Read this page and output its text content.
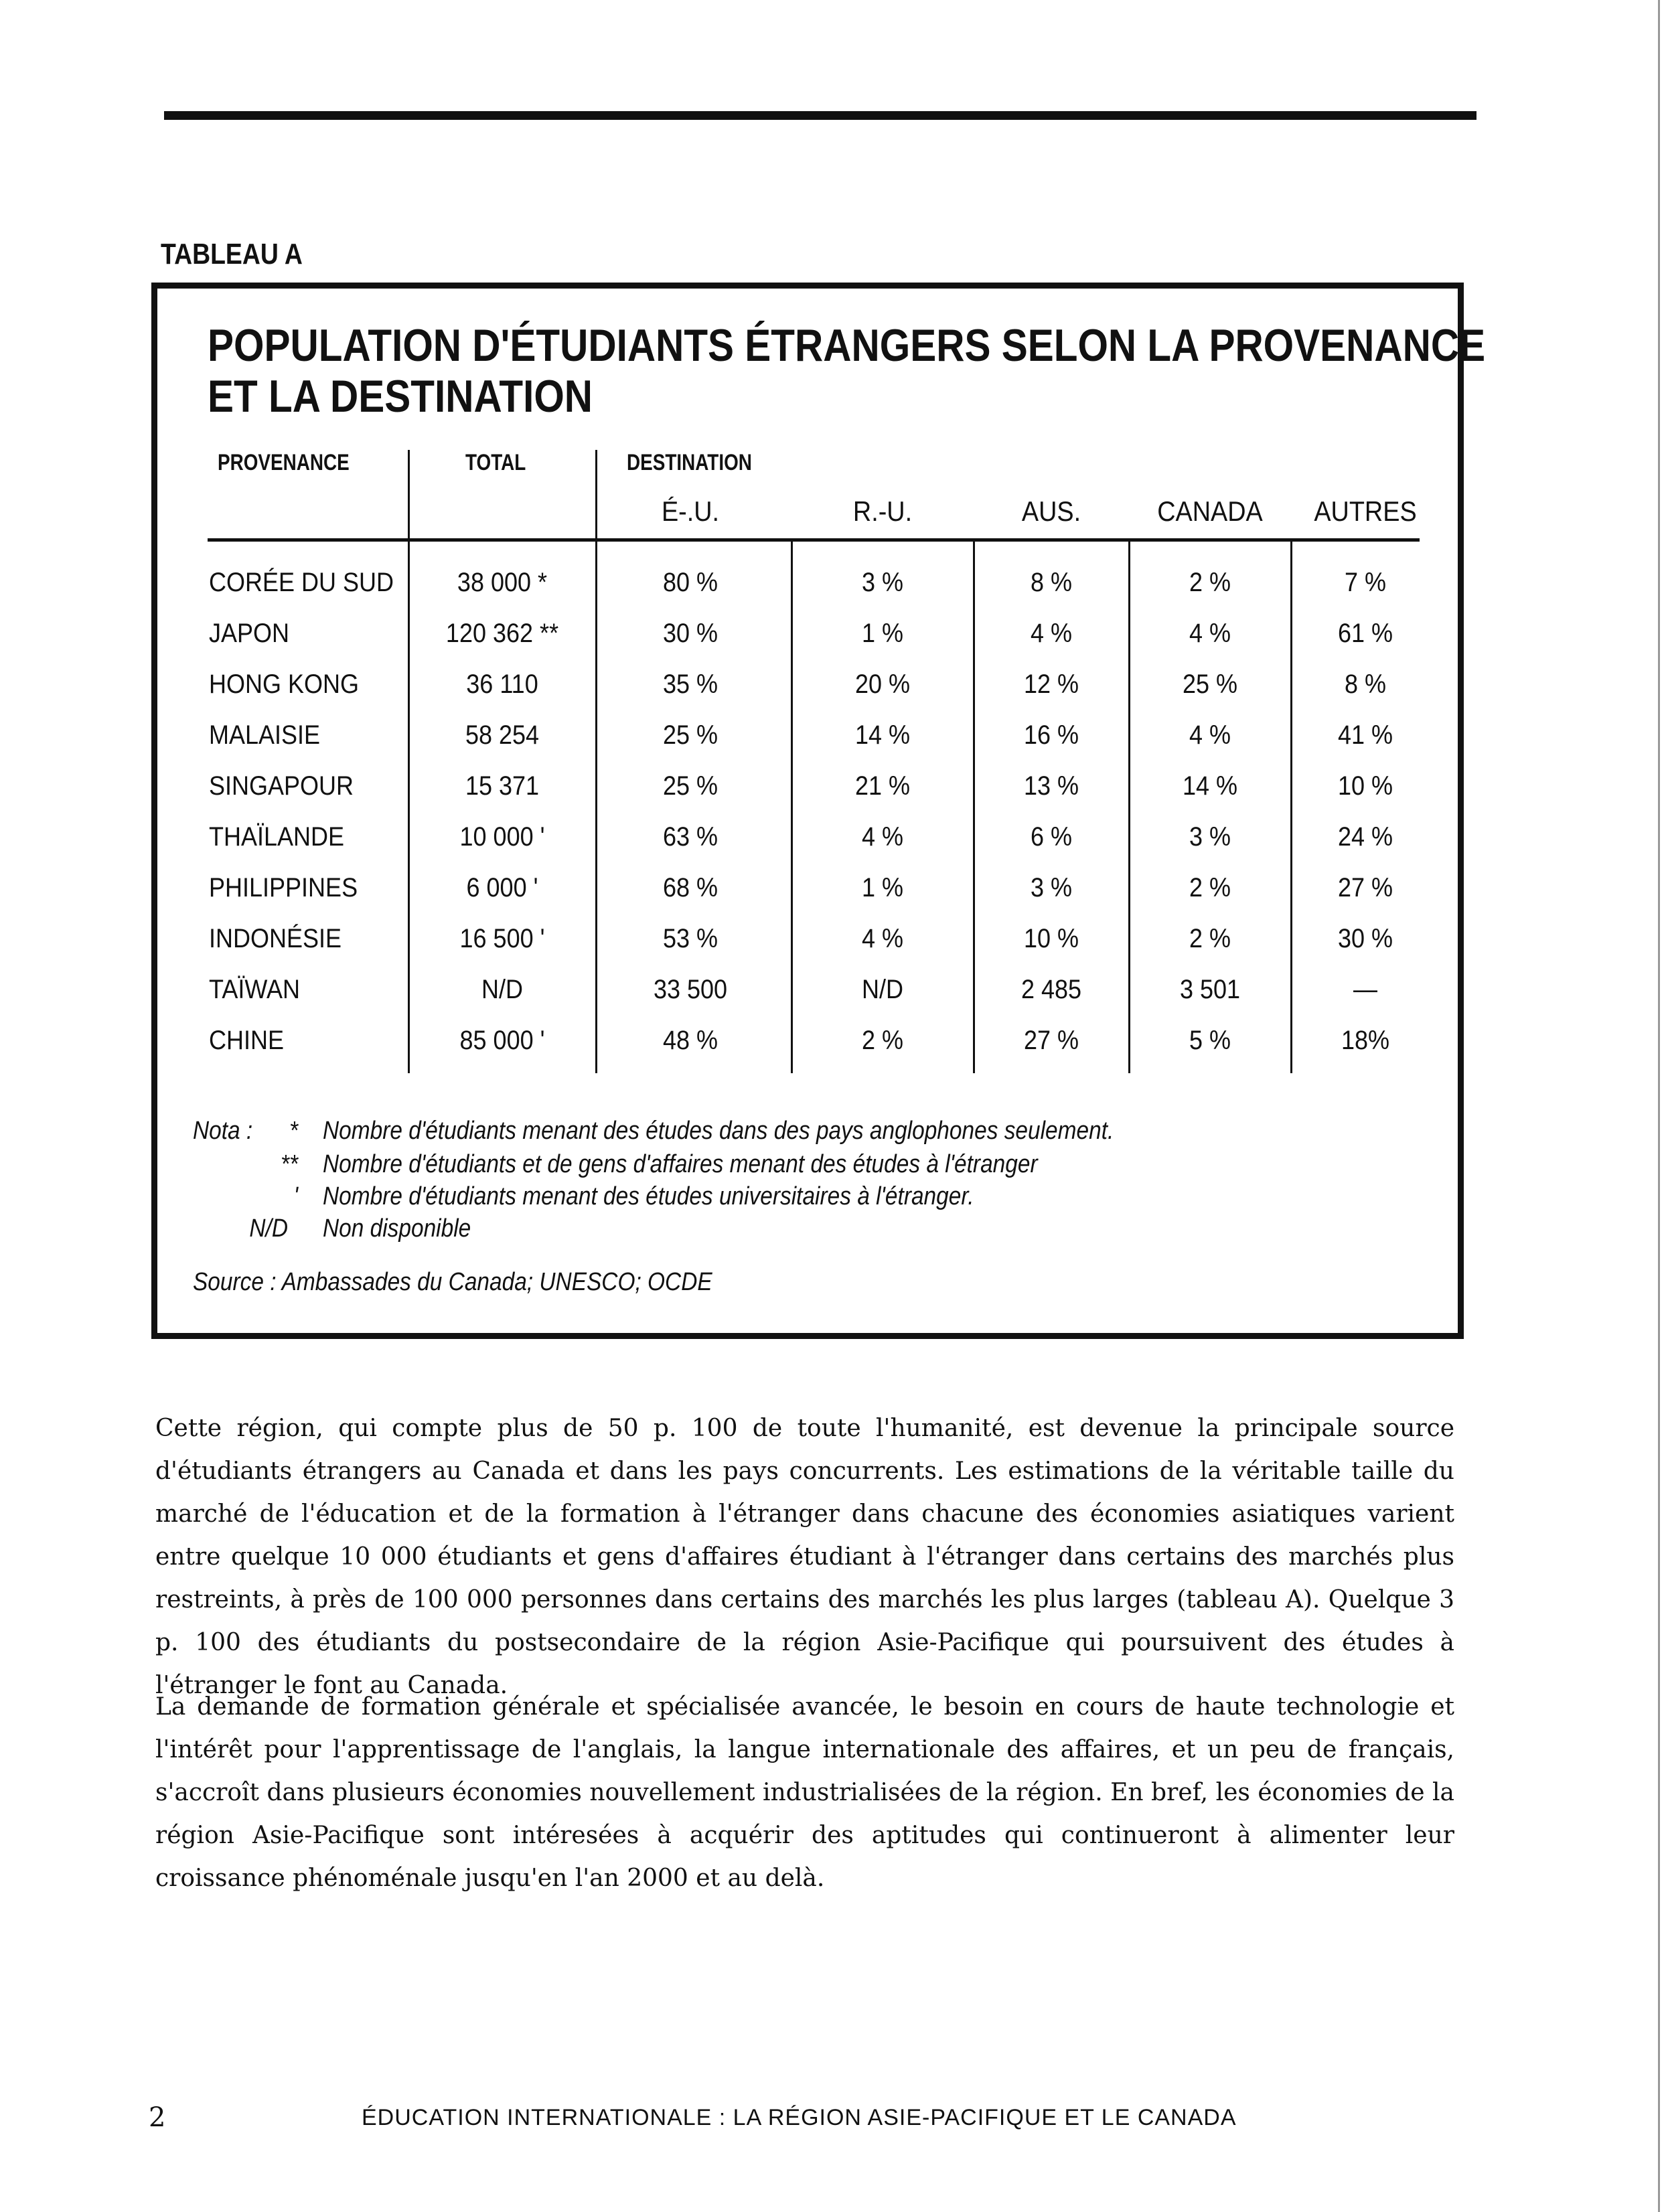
TABLEAU A
POPULATION D'ÉTUDIANTS ÉTRANGERS SELON LA PROVENANCE
ET LA DESTINATION
PROVENANCE	TOTAL	DESTINATION
É-.U.	R.-U.	AUS.	CANADA	AUTRES
CORÉE DU SUD	38 000 *	80 %	3 %	8 %	2 %	7 %
JAPON	120 362 **	30 %	1 %	4 %	4 %	61 %
HONG KONG	36 110	35 %	20 %	12 %	25 %	8 %
MALAISIE	58 254	25 %	14 %	16 %	4 %	41 %
SINGAPOUR	15 371	25 %	21 %	13 %	14 %	10 %
THAÏLANDE	10 000 '	63 %	4 %	6 %	3 %	24 %
PHILIPPINES	6 000 '	68 %	1 %	3 %	2 %	27 %
INDONÉSIE	16 500 '	53 %	4 %	10 %	2 %	30 %
TAÏWAN	N/D	33 500	N/D	2 485	3 501	—
CHINE	85 000 '	48 %	2 %	27 %	5 %	18%
Nota :	* Nombre d'étudiants menant des études dans des pays anglophones seulement.
** Nombre d'étudiants et de gens d'affaires menant des études à l'étranger
' Nombre d'étudiants menant des études universitaires à l'étranger.
N/D Non disponible
Source : Ambassades du Canada; UNESCO; OCDE
Cette région, qui compte plus de 50 p. 100 de toute l'humanité, est devenue la principale source d'étudiants étrangers au Canada et dans les pays concurrents. Les estimations de la véritable taille du marché de l'éducation et de la formation à l'étranger dans chacune des économies asiatiques varient entre quelque 10 000 étudiants et gens d'affaires étudiant à l'étranger dans certains des marchés plus restreints, à près de 100 000 personnes dans certains des marchés les plus larges (tableau A). Quelque 3 p. 100 des étudiants du postsecondaire de la région Asie-Pacifique qui poursuivent des études à l'étranger le font au Canada.
La demande de formation générale et spécialisée avancée, le besoin en cours de haute technologie et l'intérêt pour l'apprentissage de l'anglais, la langue internationale des affaires, et un peu de français, s'accroît dans plusieurs économies nouvellement industrialisées de la région. En bref, les économies de la région Asie-Pacifique sont intéresées à acquérir des aptitudes qui continueront à alimenter leur croissance phénoménale jusqu'en l'an 2000 et au delà.
2	ÉDUCATION INTERNATIONALE : LA RÉGION ASIE-PACIFIQUE ET LE CANADA
